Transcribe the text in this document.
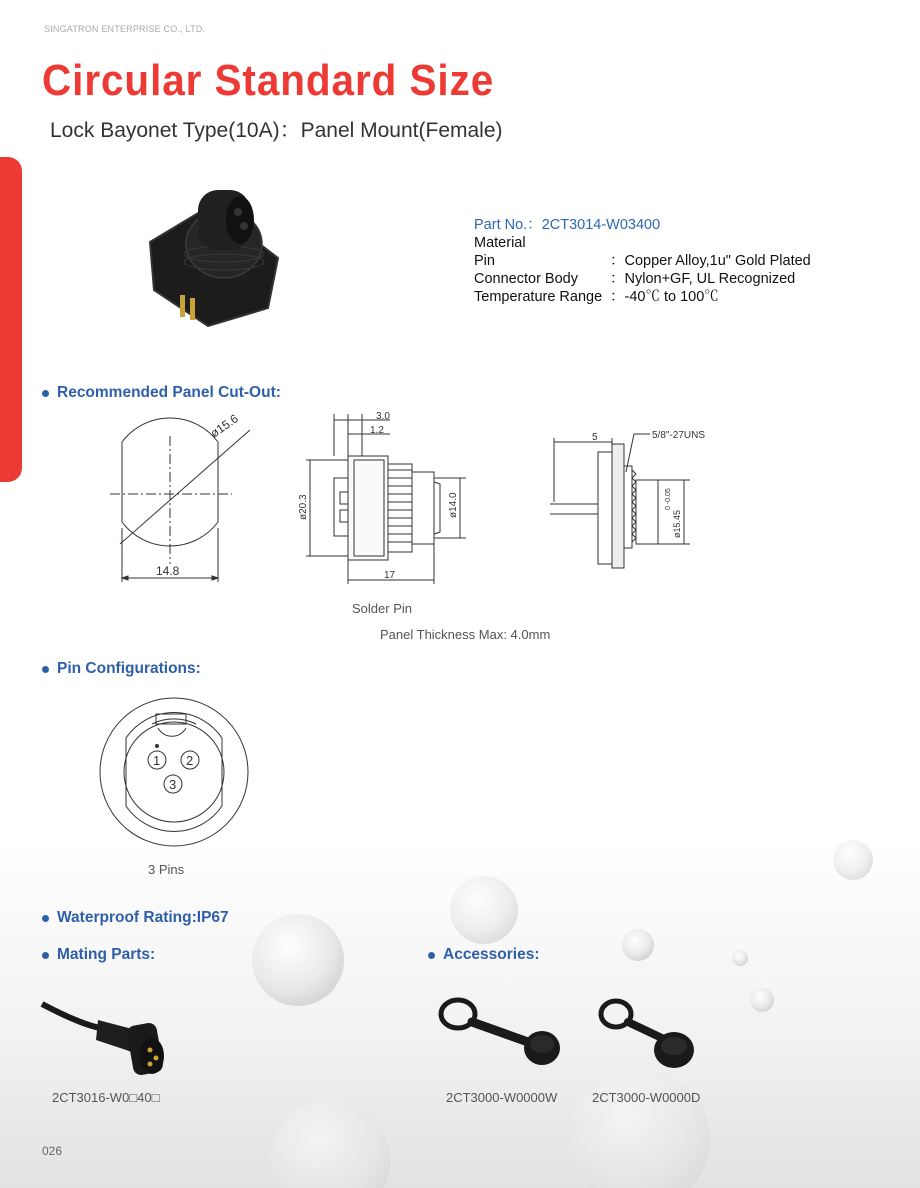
SINGATRON ENTERPRISE CO., LTD.
Circular Standard Size
Lock Bayonet Type(10A)：Panel Mount(Female)
Part No.： 2CT3014-W03400
Material
Pin	：Copper Alloy,1u" Gold Plated
Connector Body	：Nylon+GF, UL Recognized
Temperature Range ：-40℃ to 100℃
Recommended Panel Cut-Out:
ø15.6
14.8
3.0
1.2
ø20.3	ø14.0
17
5	5/8"-27UNS
ø15.45
0 -0.05
Solder Pin
Panel Thickness Max: 4.0mm
Pin Configurations:
1 2
3
3 Pins
Waterproof Rating:IP67
Mating Parts:	Accessories:
2CT3016-W0□40□	2CT3000-W0000W	2CT3000-W0000D
026
